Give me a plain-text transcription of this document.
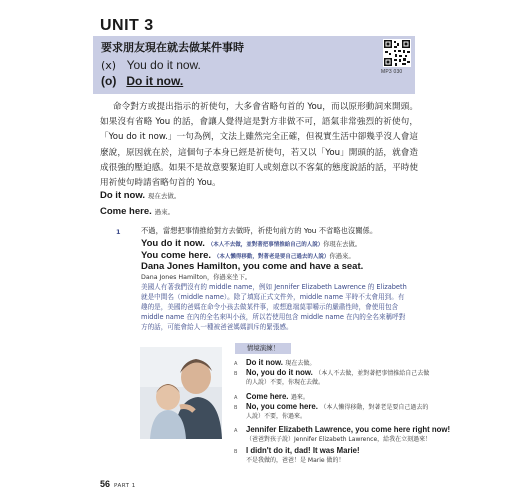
UNIT 3
要求朋友現在就去做某件事時
(x) You do it now.
(o) Do it now.
MP3 030
命令對方或提出指示的祈使句，大多會省略句首的 You，而以原形動詞來開頭。如果沒有省略 You 的話，會讓人覺得這是對方非做不可，語氣非常強烈的祈使句，「You do it now.」一句為例，文法上雖然完全正確，但視實生活中卻幾乎沒人會這麼說，原因就在於，這個句子本身已經是祈使句，若又以「You」開頭的話，就會造成很強的壓迫感。如果不是故意要緊迫盯人或刻意以不客氣的態度說話的話，平時使用祈使句時請省略句首的 You。
Do it now. 現在去做。
Come here. 過來。
1	不過，當想把事情推給對方去做時，祈使句前方的 You 不省略也沒關係。
You do it now. （本人不去做，並對著把事情推給自己的人說）你現在去做。
You come here. （本人懶得移動，對著老是要自己過去的人說）你過來。
Dana Jones Hamilton, you come and have a seat.
Dana Jones Hamilton，你過來坐下。
美國人有著我們沒有的 middle name，例如 Jennifer Elizabeth Lawrence 的 Elizabeth 就是中間名（middle name）。除了填寫正式文件外，middle name 平時不太會用到。有趣的是，美國的爸媽在命令小孩去做某件事，或想進端莫罪嚼示的嚴肅性時，會使用包含 middle name 在內的全名來叫小孩，所以若使用包含 middle name 在內的全名來稱呼對方的話，可能會給人一種被爸爸媽媽訓斥的緊張感。
情境演練！
A Do it now. 現在去做。
B No, you do it now. （本人不去做，並對著把事情推給自己去做
的人說）不要，你現在去做。
A Come here. 過來。
B No, you come here. （本人懶得移動，對著老是要自己過去的
人說）不要，你過來。
A Jennifer Elizabeth Lawrence, you come here right now!
（爸爸對孩子說）Jennifer Elizabeth Lawrence，給我在立刻過來！
B I didn't do it, dad! It was Marie!
不是我做的，爸爸！是 Marie 做的！
56 PART 1
